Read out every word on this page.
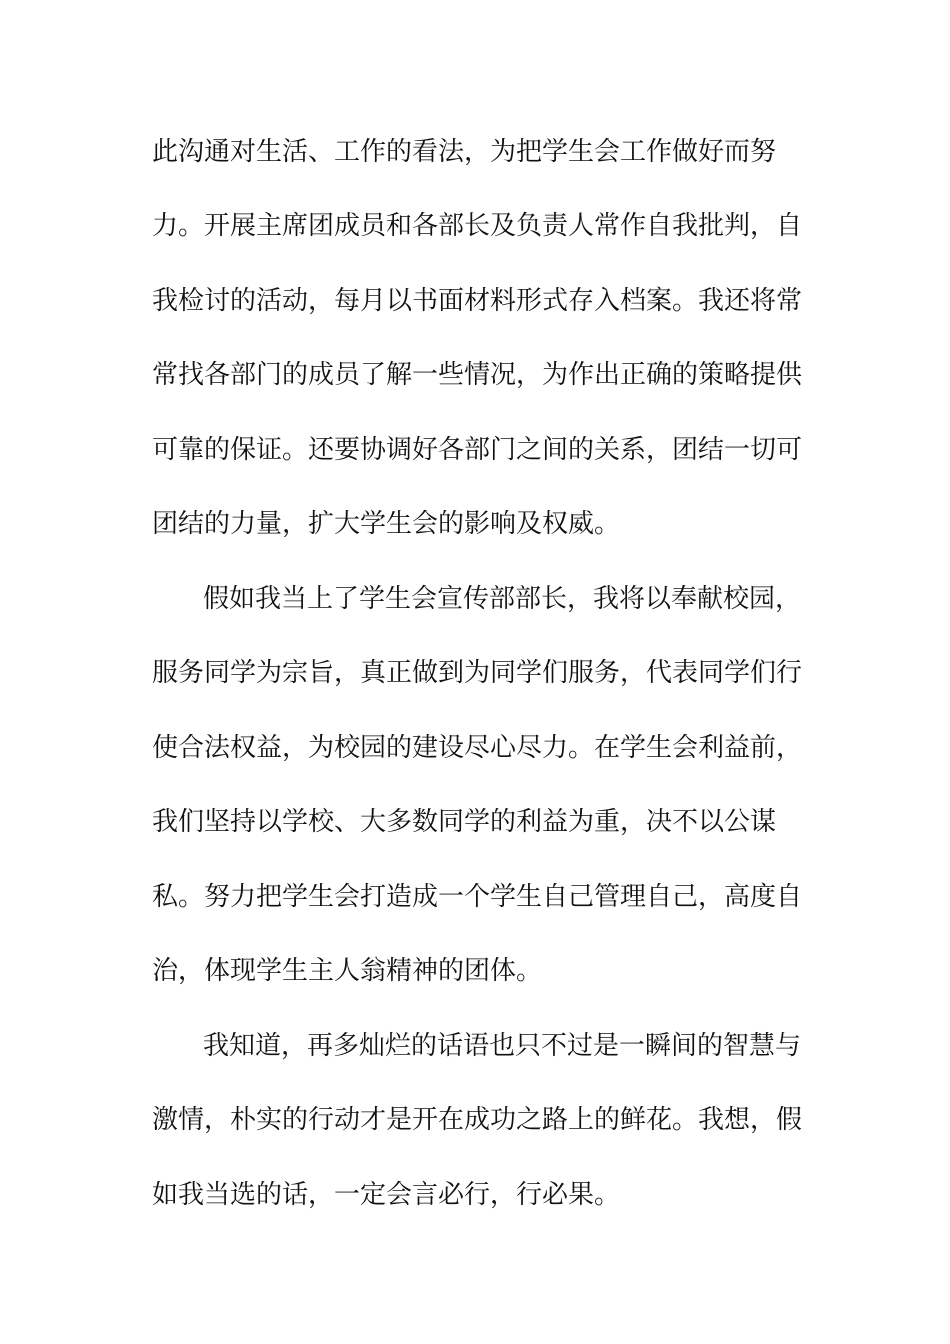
此沟通对生活、工作的看法，为把学生会工作做好而努
力。开展主席团成员和各部长及负责人常作自我批判，自
我检讨的活动，每月以书面材料形式存入档案。我还将常
常找各部门的成员了解一些情况，为作出正确的策略提供
可靠的保证。还要协调好各部门之间的关系，团结一切可
团结的力量，扩大学生会的影响及权威。
假如我当上了学生会宣传部部长，我将以奉献校园，
服务同学为宗旨，真正做到为同学们服务，代表同学们行
使合法权益，为校园的建设尽心尽力。在学生会利益前，
我们坚持以学校、大多数同学的利益为重，决不以公谋
私。努力把学生会打造成一个学生自己管理自己，高度自
治，体现学生主人翁精神的团体。
我知道，再多灿烂的话语也只不过是一瞬间的智慧与
激情，朴实的行动才是开在成功之路上的鲜花。我想，假
如我当选的话，一定会言必行，行必果。
